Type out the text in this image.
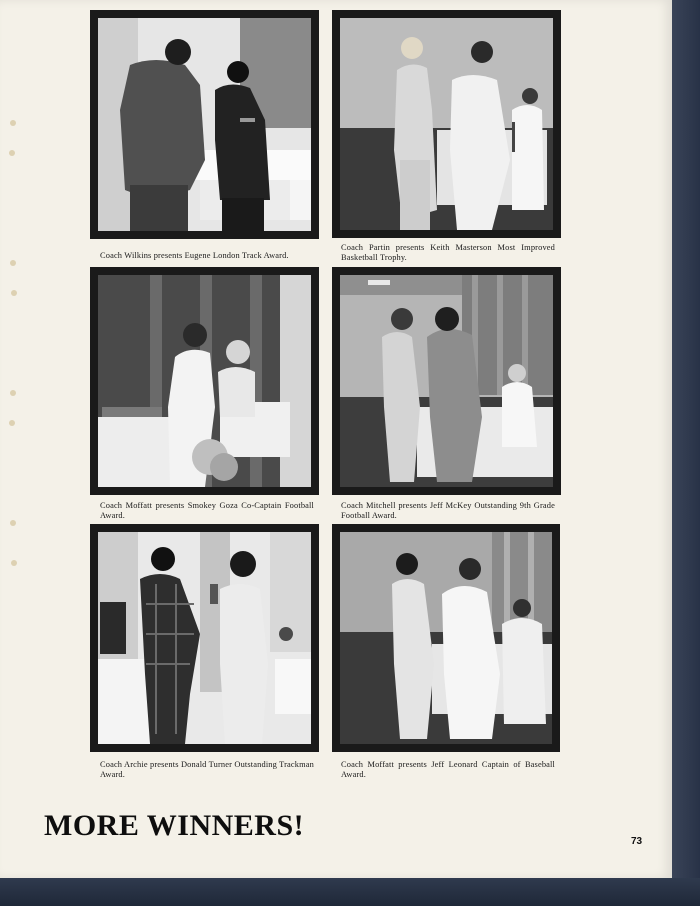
Coach Wilkins presents Eugene London Track Award.
Coach Partin presents Keith Masterson Most Improved Basketball Trophy.
Coach Moffatt presents Smokey Goza Co-Captain Football Award.
Coach Mitchell presents Jeff McKey Outstanding 9th Grade Football Award.
Coach Archie presents Donald Turner Outstanding Trackman Award.
Coach Moffatt presents Jeff Leonard Captain of Baseball Award.
MORE WINNERS!	73
